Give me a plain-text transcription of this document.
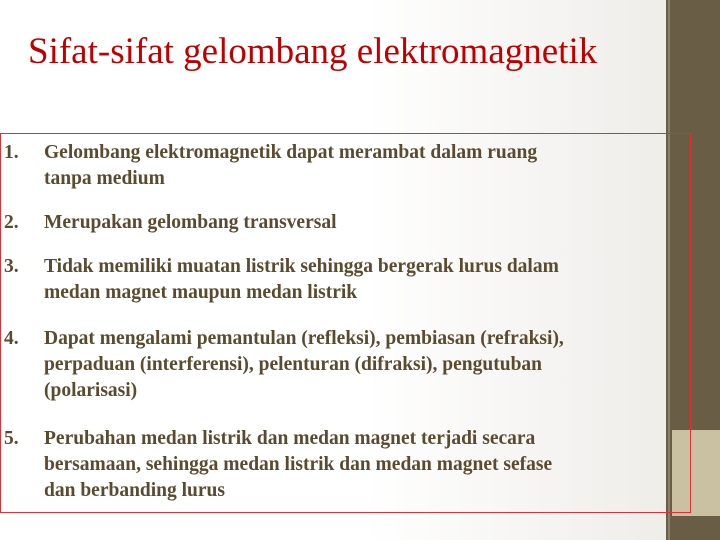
Sifat-sifat gelombang elektromagnetik
1.	Gelombang elektromagnetik dapat merambat dalam ruang
tanpa medium
2.	Merupakan gelombang transversal
3.	Tidak memiliki muatan listrik sehingga bergerak lurus dalam
medan magnet maupun medan listrik
4.	Dapat mengalami pemantulan (refleksi), pembiasan (refraksi),
perpaduan (interferensi), pelenturan (difraksi), pengutuban
(polarisasi)
5.	Perubahan medan listrik dan medan magnet terjadi secara
bersamaan, sehingga medan listrik dan medan magnet sefase
dan berbanding lurus
